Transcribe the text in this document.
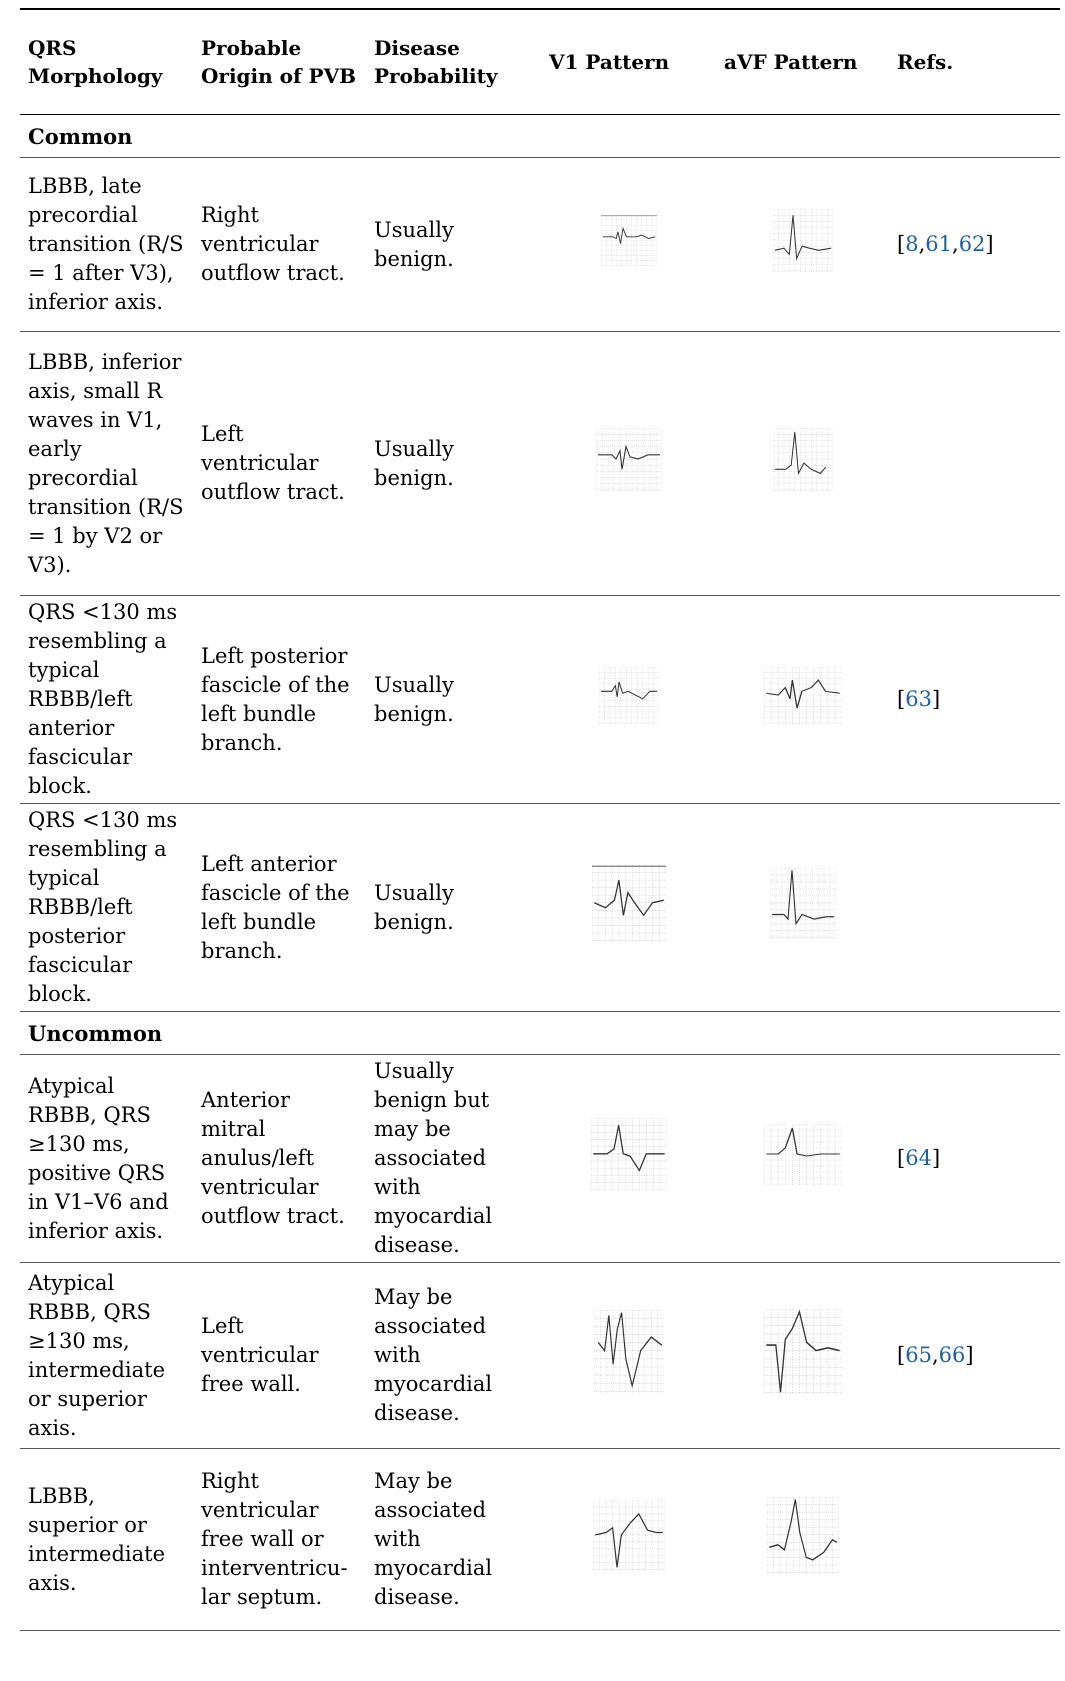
QRS Morphology	Probable Origin of PVB	Disease Probability	V1 Pattern	aVF Pattern	Refs.
Common					
LBBB, late precordial transition (R/S = 1 after V3), inferior axis.	Right ventricular outflow tract.	Usually benign.			[8,61,62]
LBBB, inferior axis, small R waves in V1, early precordial transition (R/S = 1 by V2 or V3).	Left ventricular outflow tract.	Usually benign.	

QRS <130 ms resembling a typical RBBB/left anterior fascicular block.	Left posterior fascicle of the left bundle branch.	Usually benign.			[63]
QRS <130 ms resembling a typical RBBB/left posterior fascicular block.	Left anterior fascicle of the left bundle branch.	Usually benign.	

Uncommon					
Atypical RBBB, QRS ≥130 ms, positive QRS in V1–V6 and inferior axis.	Anterior mitral anulus/left ventricular outflow tract.	Usually benign but may be associated with myocardial disease.			[64]
Atypical RBBB, QRS ≥130 ms, intermediate or superior axis.	Left ventricular free wall.	May be associated with myocardial disease.			[65,66]
LBBB, superior or intermediate axis.	Right ventricular free wall or interventricu-lar septum.	May be associated with myocardial disease.	
